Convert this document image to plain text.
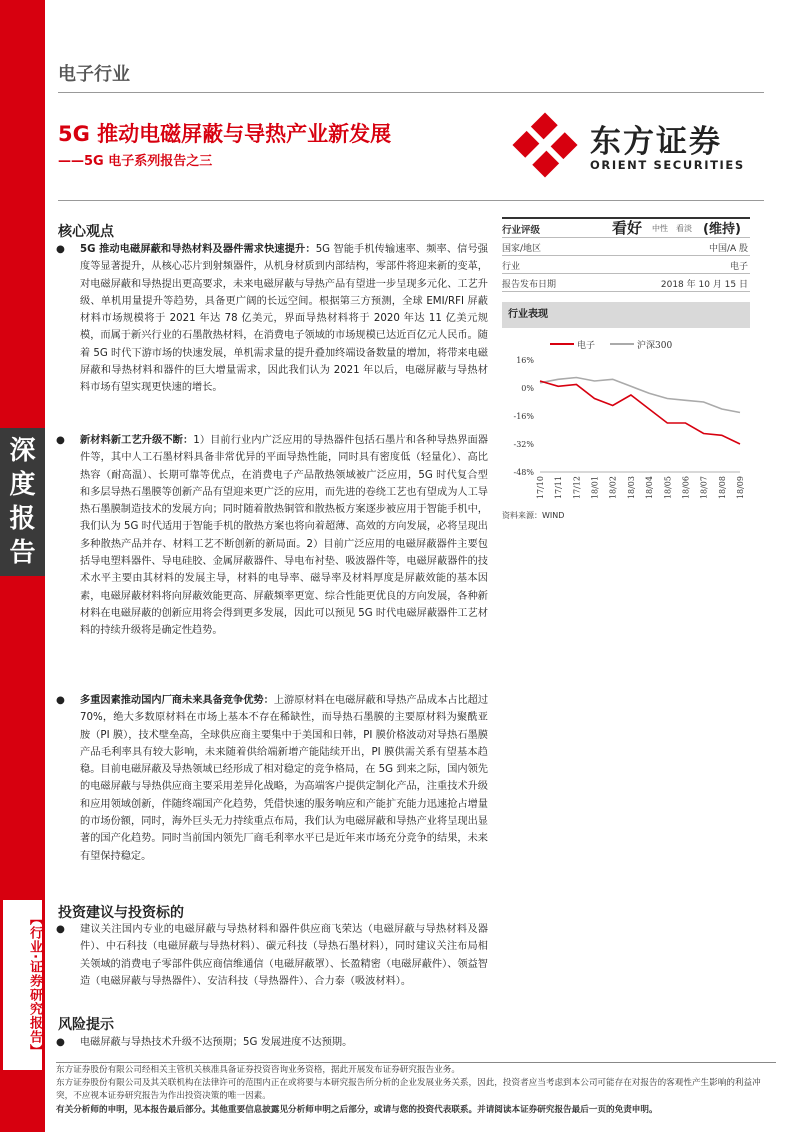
深
度
报
告
【行业·证券研究报告】
电子行业
5G 推动电磁屏蔽与导热产业新发展
——5G 电子系列报告之三
东方证券
ORIENT SECURITIES
核心观点
●	5G 推动电磁屏蔽和导热材料及器件需求快速提升：5G 智能手机传输速率、频率、信号强度等显著提升，从核心芯片到射频器件，从机身材质到内部结构，零部件将迎来新的变革，对电磁屏蔽和导热提出更高要求，未来电磁屏蔽与导热产品有望进一步呈现多元化、工艺升级、单机用量提升等趋势，具备更广阔的长远空间。根据第三方预测，全球 EMI/RFI 屏蔽材料市场规模将于 2021 年达 78 亿美元，界面导热材料将于 2020 年达 11 亿美元规模，而属于新兴行业的石墨散热材料，在消费电子领域的市场规模已达近百亿元人民币。随着 5G 时代下游市场的快速发展，单机需求量的提升叠加终端设备数量的增加，将带来电磁屏蔽和导热材料和器件的巨大增量需求，因此我们认为 2021 年以后，电磁屏蔽与导热材料市场有望实现更快速的增长。
●	新材料新工艺升级不断：1）目前行业内广泛应用的导热器件包括石墨片和各种导热界面器件等，其中人工石墨材料具备非常优异的平面导热性能，同时具有密度低（轻量化）、高比热容（耐高温）、长期可靠等优点，在消费电子产品散热领域被广泛应用，5G 时代复合型和多层导热石墨膜等创新产品有望迎来更广泛的应用，而先进的卷绕工艺也有望成为人工导热石墨膜制造技术的发展方向；同时随着散热铜管和散热板方案逐步被应用于智能手机中，我们认为 5G 时代适用于智能手机的散热方案也将向着超薄、高效的方向发展，必将呈现出多种散热产品并存、材料工艺不断创新的新局面。2）目前广泛应用的电磁屏蔽器件主要包括导电塑料器件、导电硅胶、金属屏蔽器件、导电布衬垫、吸波器件等，电磁屏蔽器件的技术水平主要由其材料的发展主导，材料的电导率、磁导率及材料厚度是屏蔽效能的基本因素，电磁屏蔽材料将向屏蔽效能更高、屏蔽频率更宽、综合性能更优良的方向发展，各种新材料在电磁屏蔽的创新应用将会得到更多发展，因此可以预见 5G 时代电磁屏蔽器件工艺材料的持续升级将是确定性趋势。
●	多重因素推动国内厂商未来具备竞争优势：上游原材料在电磁屏蔽和导热产品成本占比超过 70%，绝大多数原材料在市场上基本不存在稀缺性，而导热石墨膜的主要原材料为聚酰亚胺（PI 膜），技术壁垒高，全球供应商主要集中于美国和日韩，PI 膜价格波动对导热石墨膜产品毛利率具有较大影响，未来随着供给端新增产能陆续开出，PI 膜供需关系有望基本趋稳。目前电磁屏蔽及导热领域已经形成了相对稳定的竞争格局，在 5G 到来之际，国内领先的电磁屏蔽与导热供应商主要采用差异化战略，为高端客户提供定制化产品，注重技术升级和应用领域创新，伴随终端国产化趋势，凭借快速的服务响应和产能扩充能力迅速抢占增量的市场份额，同时，海外巨头无力持续重点布局，我们认为电磁屏蔽和导热产业将呈现出显著的国产化趋势。同时当前国内领先厂商毛利率水平已是近年来市场充分竞争的结果，未来有望保持稳定。
投资建议与投资标的
●	建议关注国内专业的电磁屏蔽与导热材料和器件供应商飞荣达（电磁屏蔽与导热材料及器件）、中石科技（电磁屏蔽与导热材料）、碳元科技（导热石墨材料），同时建议关注布局相关领域的消费电子零部件供应商信维通信（电磁屏蔽罩）、长盈精密（电磁屏蔽件）、领益智造（电磁屏蔽与导热器件）、安洁科技（导热器件）、合力泰（吸波材料）。
风险提示
●	电磁屏蔽与导热技术升级不达预期；5G 发展进度不达预期。
行业评级	看好 中性 看淡 (维持)
国家/地区	中国/A 股
行业	电子
报告发布日期	2018 年 10 月 15 日
行业表现
电子	沪深300
16%
0%
-16%
-32%
-48%
17/10 17/11 17/12 18/01 18/02 18/03 18/04 18/05 18/06 18/07 18/08 18/09
资料来源：WIND
东方证券股份有限公司经相关主管机关核准具备证券投资咨询业务资格，据此开展发布证券研究报告业务。
东方证券股份有限公司及其关联机构在法律许可的范围内正在或将要与本研究报告所分析的企业发展业务关系，因此，投资者应当考虑到本公司可能存在对报告的客观性产生影响的利益冲突，不应视本证券研究报告为作出投资决策的唯一因素。
有关分析师的申明，见本报告最后部分。其他重要信息披露见分析师申明之后部分，或请与您的投资代表联系。并请阅读本证券研究报告最后一页的免责申明。
